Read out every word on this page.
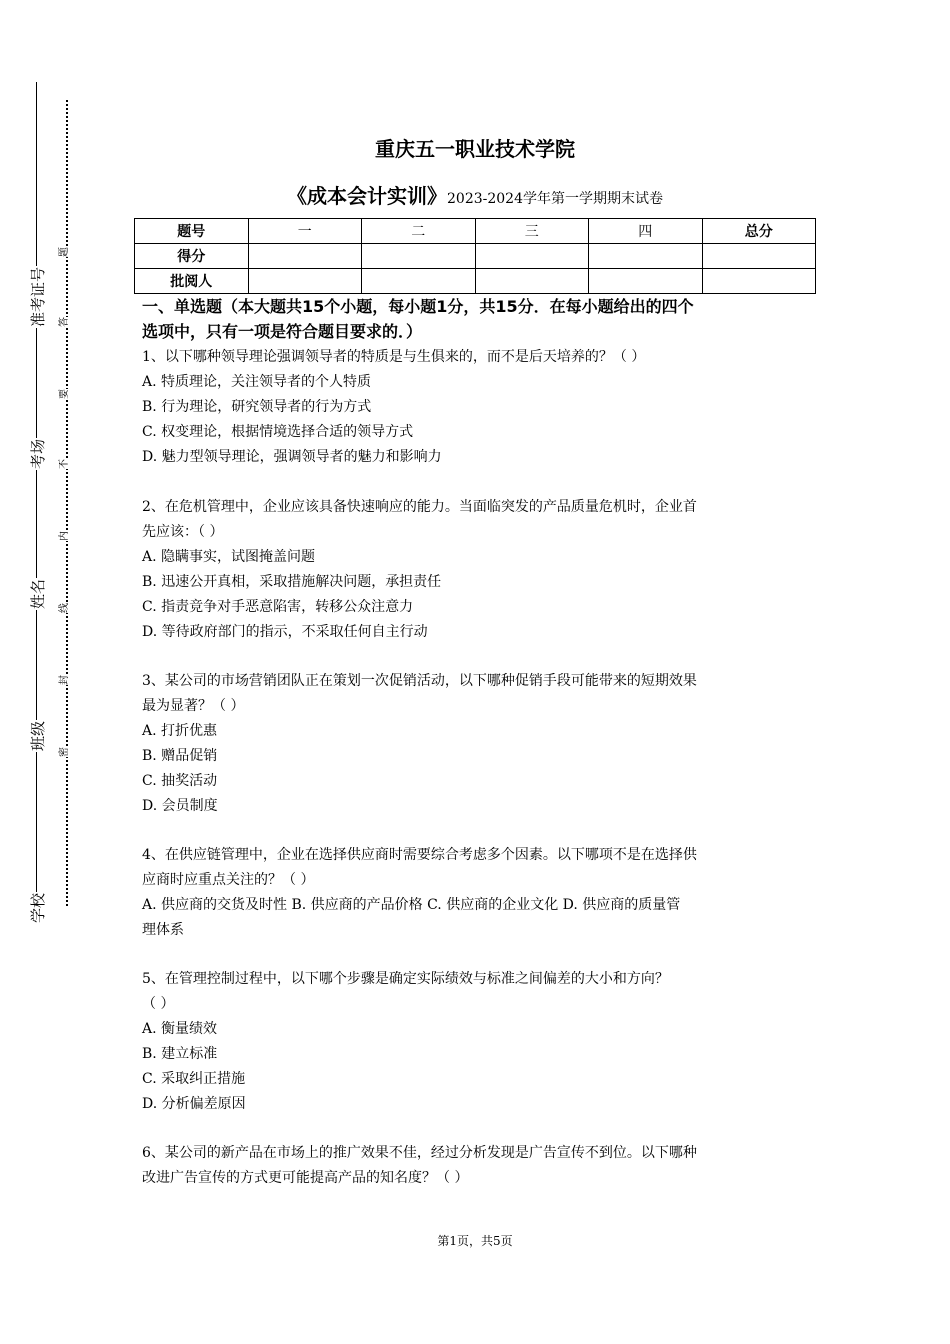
准考证号
考场
姓名
班级
学校
题
答
要
不
内
线
封
密
重庆五一职业技术学院
《成本会计实训》2023-2024学年第一学期期末试卷
题号	一	二	三	四	总分
得分					
批阅人					
一、单选题（本大题共15个小题，每小题1分，共15分．在每小题给出的四个
选项中，只有一项是符合题目要求的．）
1、以下哪种领导理论强调领导者的特质是与生俱来的，而不是后天培养的？（ ）
A. 特质理论，关注领导者的个人特质
B. 行为理论，研究领导者的行为方式
C. 权变理论，根据情境选择合适的领导方式
D. 魅力型领导理论，强调领导者的魅力和影响力
2、在危机管理中，企业应该具备快速响应的能力。当面临突发的产品质量危机时，企业首
先应该：（ ）
A. 隐瞒事实，试图掩盖问题
B. 迅速公开真相，采取措施解决问题，承担责任
C. 指责竞争对手恶意陷害，转移公众注意力
D. 等待政府部门的指示，不采取任何自主行动
3、某公司的市场营销团队正在策划一次促销活动，以下哪种促销手段可能带来的短期效果
最为显著？（ ）
A. 打折优惠
B. 赠品促销
C. 抽奖活动
D. 会员制度
4、在供应链管理中，企业在选择供应商时需要综合考虑多个因素。以下哪项不是在选择供
应商时应重点关注的？（ ）
A. 供应商的交货及时性 B. 供应商的产品价格 C. 供应商的企业文化 D. 供应商的质量管
理体系
5、在管理控制过程中，以下哪个步骤是确定实际绩效与标准之间偏差的大小和方向？
（ ）
A. 衡量绩效
B. 建立标准
C. 采取纠正措施
D. 分析偏差原因
6、某公司的新产品在市场上的推广效果不佳，经过分析发现是广告宣传不到位。以下哪种
改进广告宣传的方式更可能提高产品的知名度？（ ）
第1页，共5页
